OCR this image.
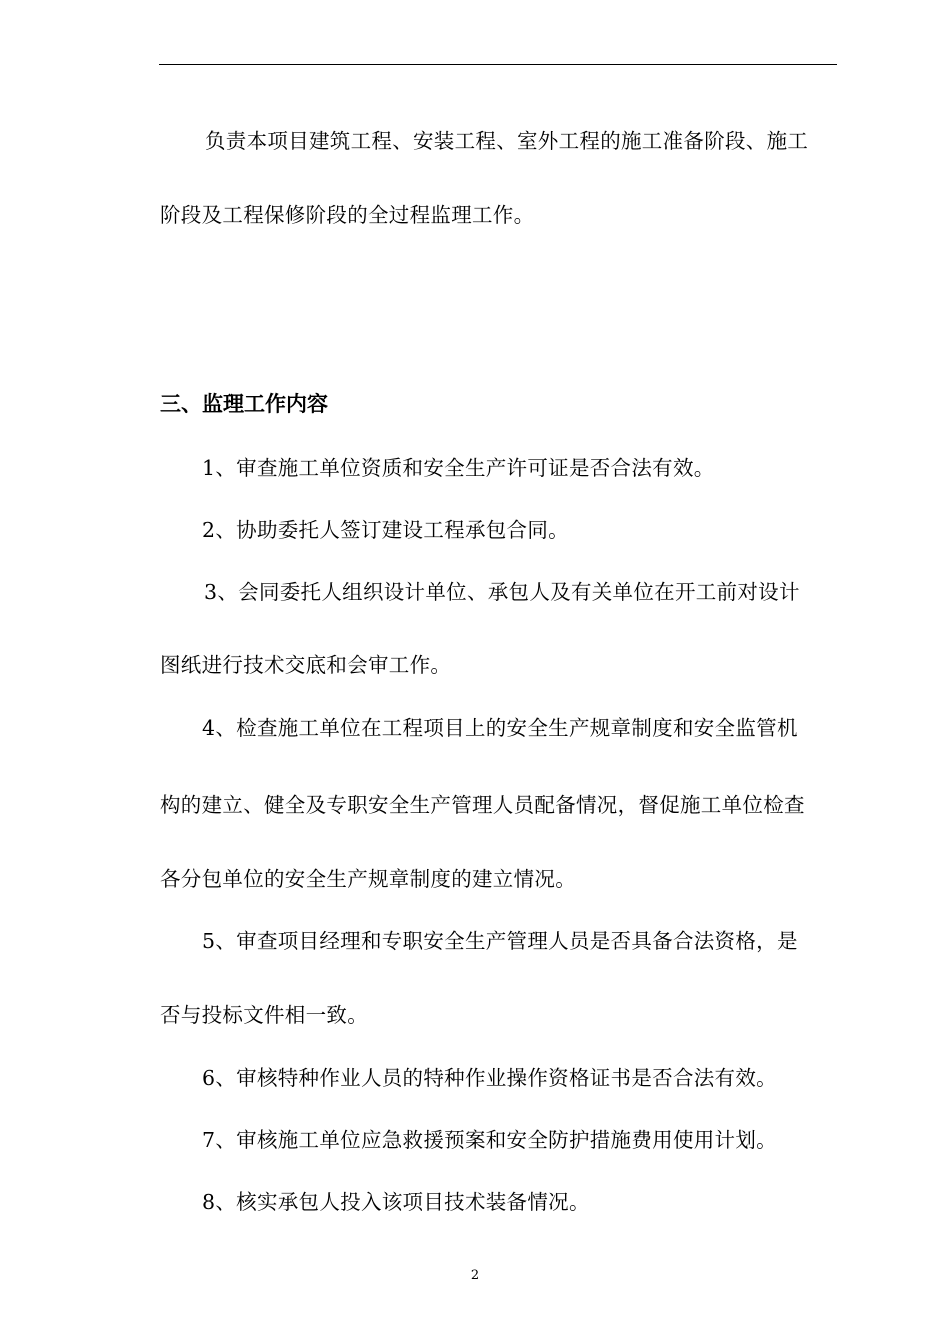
负责本项目建筑工程、安装工程、室外工程的施工准备阶段、施工
阶段及工程保修阶段的全过程监理工作。
三、监理工作内容
1、审查施工单位资质和安全生产许可证是否合法有效。
2、协助委托人签订建设工程承包合同。
3、会同委托人组织设计单位、承包人及有关单位在开工前对设计
图纸进行技术交底和会审工作。
4、检查施工单位在工程项目上的安全生产规章制度和安全监管机
构的建立、健全及专职安全生产管理人员配备情况，督促施工单位检查
各分包单位的安全生产规章制度的建立情况。
5、审查项目经理和专职安全生产管理人员是否具备合法资格，是
否与投标文件相一致。
6、审核特种作业人员的特种作业操作资格证书是否合法有效。
7、审核施工单位应急救援预案和安全防护措施费用使用计划。
8、核实承包人投入该项目技术装备情况。
2
